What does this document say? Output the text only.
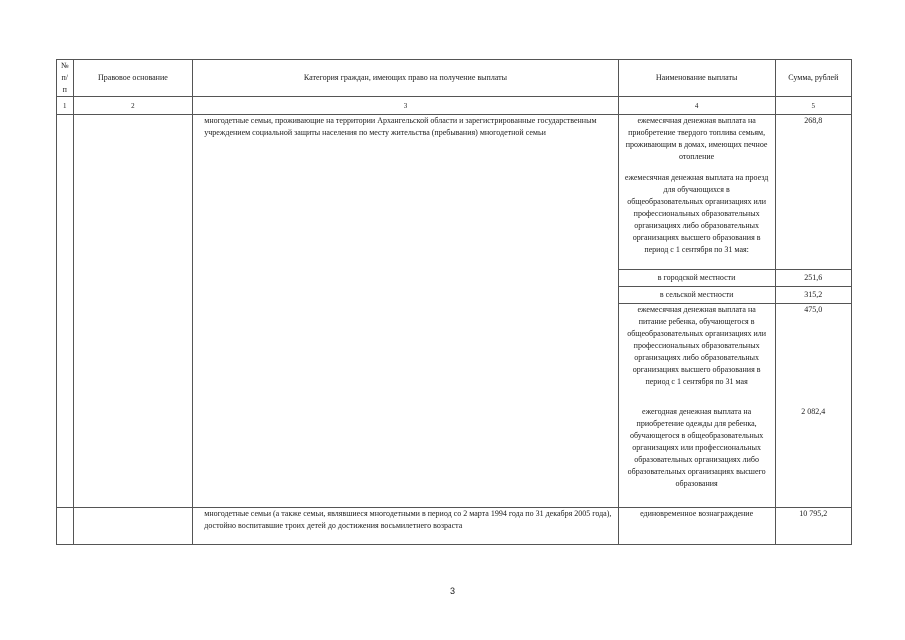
№ п/п	Правовое основание	Категория граждан, имеющих право на получение выплаты	Наименование выплаты	Сумма, рублей
1	2	3	4	5
		многодетные семьи, проживающие на территории Архангельской области и зарегистрированные государственным учреждением социальной защиты населения по месту жительства (пребывания) многодетной семьи	ежемесячная денежная выплата на приобретение твердого топлива семьям, проживающим в домах, имеющих печное отопление	268,8
			ежемесячная денежная выплата на проезд для обучающихся в общеобразовательных организациях или профессиональных образовательных организациях либо образовательных организациях высшего образования в период с 1 сентября по 31 мая:	
			в городской местности	251,6
			в сельской местности	315,2
			ежемесячная денежная выплата на питание ребенка, обучающегося в общеобразовательных организациях или профессиональных образовательных организациях либо образовательных организациях высшего образования в период с 1 сентября по 31 мая	475,0
			ежегодная денежная выплата на приобретение одежды для ребенка, обучающегося в общеобразовательных организациях или профессиональных образовательных организациях либо образовательных организациях высшего образования	2 082,4
		многодетные семьи (а также семьи, являвшиеся многодетными в период со 2 марта 1994 года по 31 декабря 2005 года), достойно воспитавшие троих детей до достижения восьмилетнего возраста	единовременное вознаграждение	10 795,2
3
